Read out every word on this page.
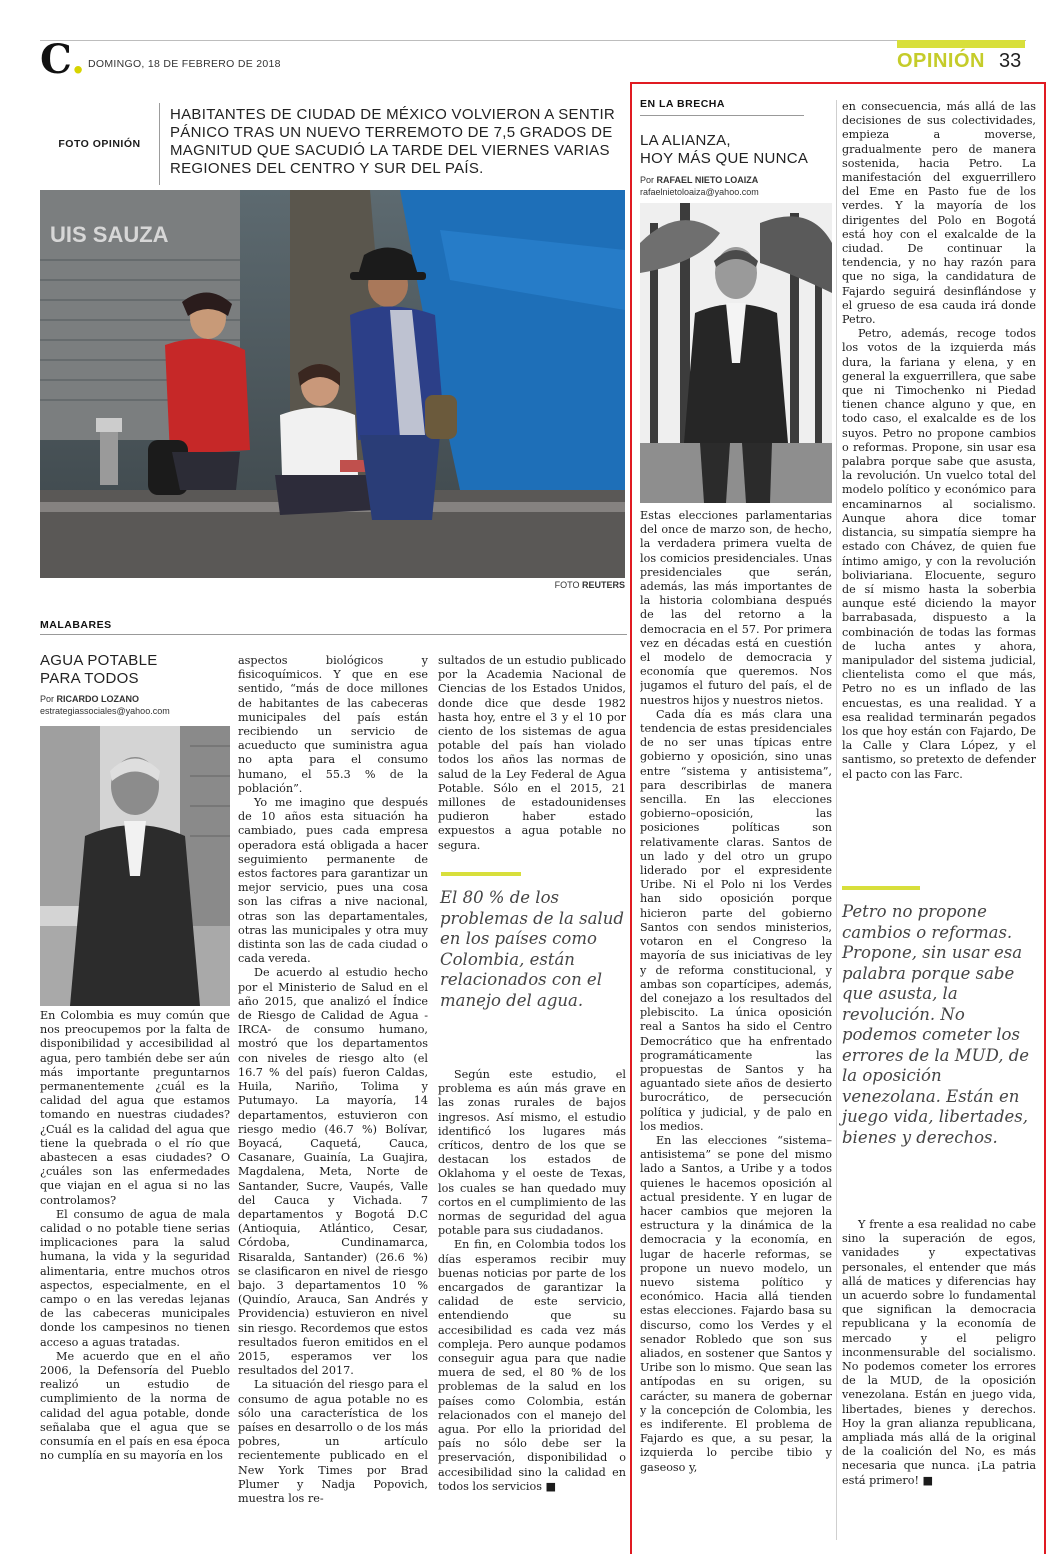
C. DOMINGO, 18 DE FEBRERO DE 2018	OPINIÓN 33
FOTO OPINIÓN
HABITANTES DE CIUDAD DE MÉXICO VOLVIERON A SENTIR PÁNICO TRAS UN NUEVO TERREMOTO DE 7,5 GRADOS DE MAGNITUD QUE SACUDIÓ LA TARDE DEL VIERNES VARIAS REGIONES DEL CENTRO Y SUR DEL PAÍS.
UIS SAUZA
FOTO REUTERS
MALABARES
AGUA POTABLE
PARA TODOS
Por RICARDO LOZANO
estrategiassociales@yahoo.com

En Colombia es muy común que nos preocupemos por la falta de disponibilidad y accesibilidad al agua, pero también debe ser aún más importante preguntarnos permanentemente ¿cuál es la calidad del agua que estamos tomando en nuestras ciudades? ¿Cuál es la calidad del agua que tiene la quebrada o el río que abastecen a esas ciudades? O ¿cuáles son las enfermedades que viajan en el agua si no las controlamos?

El consumo de agua de mala calidad o no potable tiene serias implicaciones para la salud humana, la vida y la seguridad alimentaria, entre muchos otros aspectos, especialmente, en el campo o en las veredas lejanas de las cabeceras municipales donde los campesinos no tienen acceso a aguas tratadas.

Me acuerdo que en el año 2006, la Defensoría del Pueblo realizó un estudio de cumplimiento de la norma de calidad del agua potable, donde señalaba que el agua que se consumía en el país en esa época no cumplía en su mayoría en los

aspectos biológicos y fisicoquímicos. Y que en ese sentido, “más de doce millones de habitantes de las cabeceras municipales del país están recibiendo un servicio de acueducto que suministra agua no apta para el consumo humano, el 55.3 % de la población”.

Yo me imagino que después de 10 años esta situación ha cambiado, pues cada empresa operadora está obligada a hacer seguimiento permanente de estos factores para garantizar un mejor servicio, pues una cosa son las cifras a nive nacional, otras son las departamentales, otras las municipales y otra muy distinta son las de cada ciudad o cada vereda.

De acuerdo al estudio hecho por el Ministerio de Salud en el año 2015, que analizó el Índice de Riesgo de Calidad de Agua -IRCA- de consumo humano, mostró que los departamentos con niveles de riesgo alto (el 16.7 % del país) fueron Caldas, Huila, Nariño, Tolima y Putumayo. La mayoría, 14 departamentos, estuvieron con riesgo medio (46.7 %) Bolívar, Boyacá, Caquetá, Cauca, Casanare, Guainía, La Guajira, Magdalena, Meta, Norte de Santander, Sucre, Vaupés, Valle del Cauca y Vichada. 7 departamentos y Bogotá D.C (Antioquia, Atlántico, Cesar, Córdoba, Cundinamarca, Risaralda, Santander) (26.6 %) se clasificaron en nivel de riesgo bajo. 3 departamentos 10 % (Quindío, Arauca, San Andrés y Providencia) estuvieron en nivel sin riesgo. Recordemos que estos resultados fueron emitidos en el 2015, esperamos ver los resultados del 2017.

La situación del riesgo para el consumo de agua potable no es sólo una característica de los países en desarrollo o de los más pobres, un artículo recientemente publicado en el New York Times por Brad Plumer y Nadja Popovich, muestra los re-

sultados de un estudio publicado por la Academia Nacional de Ciencias de los Estados Unidos, donde dice que desde 1982 hasta hoy, entre el 3 y el 10 por ciento de los sistemas de agua potable del país han violado todos los años las normas de salud de la Ley Federal de Agua Potable. Sólo en el 2015, 21 millones de estadounidenses pudieron haber estado expuestos a agua potable no segura.

El 80 % de los problemas de la salud en los países como Colombia, están relacionados con el manejo del agua.

Según este estudio, el problema es aún más grave en las zonas rurales de bajos ingresos. Así mismo, el estudio identificó los lugares más críticos, dentro de los que se destacan los estados de Oklahoma y el oeste de Texas, los cuales se han quedado muy cortos en el cumplimiento de las normas de seguridad del agua potable para sus ciudadanos.

En fin, en Colombia todos los días esperamos recibir muy buenas noticias por parte de los encargados de garantizar la calidad de este servicio, entendiendo que su accesibilidad es cada vez más compleja. Pero aunque podamos conseguir agua para que nadie muera de sed, el 80 % de los problemas de la salud en los países como Colombia, están relacionados con el manejo del agua. Por ello la prioridad del país no sólo debe ser la preservación, disponibilidad o accesibilidad sino la calidad en todos los servicios ■

EN LA BRECHA
LA ALIANZA,
HOY MÁS QUE NUNCA
Por RAFAEL NIETO LOAIZA
rafaelnietoloaiza@yahoo.com

Estas elecciones parlamentarias del once de marzo son, de hecho, la verdadera primera vuelta de los comicios presidenciales. Unas presidenciales que serán, además, las más importantes de la historia colombiana después de las del retorno a la democracia en el 57. Por primera vez en décadas está en cuestión el modelo de democracia y economía que queremos. Nos jugamos el futuro del país, el de nuestros hijos y nuestros nietos.

Cada día es más clara una tendencia de estas presidenciales de no ser unas típicas entre gobierno y oposición, sino unas entre “sistema y antisistema”, para describirlas de manera sencilla. En las elecciones gobierno–oposición, las posiciones políticas son relativamente claras. Santos de un lado y del otro un grupo liderado por el expresidente Uribe. Ni el Polo ni los Verdes han sido oposición porque hicieron parte del gobierno Santos con sendos ministerios, votaron en el Congreso la mayoría de sus iniciativas de ley y de reforma constitucional, y ambas son copartícipes, además, del conejazo a los resultados del plebiscito. La única oposición real a Santos ha sido el Centro Democrático que ha enfrentado programáticamente las propuestas de Santos y ha aguantado siete años de desierto burocrático, de persecución política y judicial, y de palo en los medios.

En las elecciones “sistema–antisistema” se pone del mismo lado a Santos, a Uribe y a todos quienes le hacemos oposición al actual presidente. Y en lugar de hacer cambios que mejoren la estructura y la dinámica de la democracia y la economía, en lugar de hacerle reformas, se propone un nuevo modelo, un nuevo sistema político y económico. Hacia allá tienden estas elecciones. Fajardo basa su discurso, como los Verdes y el senador Robledo que son sus aliados, en sostener que Santos y Uribe son lo mismo. Que sean las antípodas en su origen, su carácter, su manera de gobernar y la concepción de Colombia, les es indiferente. El problema de Fajardo es que, a su pesar, la izquierda lo percibe tibio y gaseoso y,

en consecuencia, más allá de las decisiones de sus colectividades, empieza a moverse, gradualmente pero de manera sostenida, hacia Petro. La manifestación del exguerrillero del Eme en Pasto fue de los verdes. Y la mayoría de los dirigentes del Polo en Bogotá está hoy con el exalcalde de la ciudad. De continuar la tendencia, y no hay razón para que no siga, la candidatura de Fajardo seguirá desinflándose y el grueso de esa cauda irá donde Petro.

Petro, además, recoge todos los votos de la izquierda más dura, la fariana y elena, y en general la exguerrillera, que sabe que ni Timochenko ni Piedad tienen chance alguno y que, en todo caso, el exalcalde es de los suyos. Petro no propone cambios o reformas. Propone, sin usar esa palabra porque sabe que asusta, la revolución. Un vuelco total del modelo político y económico para encaminarnos al socialismo. Aunque ahora dice tomar distancia, su simpatía siempre ha estado con Chávez, de quien fue íntimo amigo, y con la revolución boliviariana. Elocuente, seguro de sí mismo hasta la soberbia aunque esté diciendo la mayor barrabasada, dispuesto a la combinación de todas las formas de lucha antes y ahora, manipulador del sistema judicial, clientelista como el que más, Petro no es un inflado de las encuestas, es una realidad. Y a esa realidad terminarán pegados los que hoy están con Fajardo, De la Calle y Clara López, y el santismo, so pretexto de defender el pacto con las Farc.

Petro no propone cambios o reformas. Propone, sin usar esa palabra porque sabe que asusta, la revolución. No podemos cometer los errores de la MUD, de la oposición venezolana. Están en juego vida, libertades, bienes y derechos.

Y frente a esa realidad no cabe sino la superación de egos, vanidades y expectativas personales, el entender que más allá de matices y diferencias hay un acuerdo sobre lo fundamental que significan la democracia republicana y la economía de mercado y el peligro inconmensurable del socialismo. No podemos cometer los errores de la MUD, de la oposición venezolana. Están en juego vida, libertades, bienes y derechos. Hoy la gran alianza republicana, ampliada más allá de la original de la coalición del No, es más necesaria que nunca. ¡La patria está primero! ■
